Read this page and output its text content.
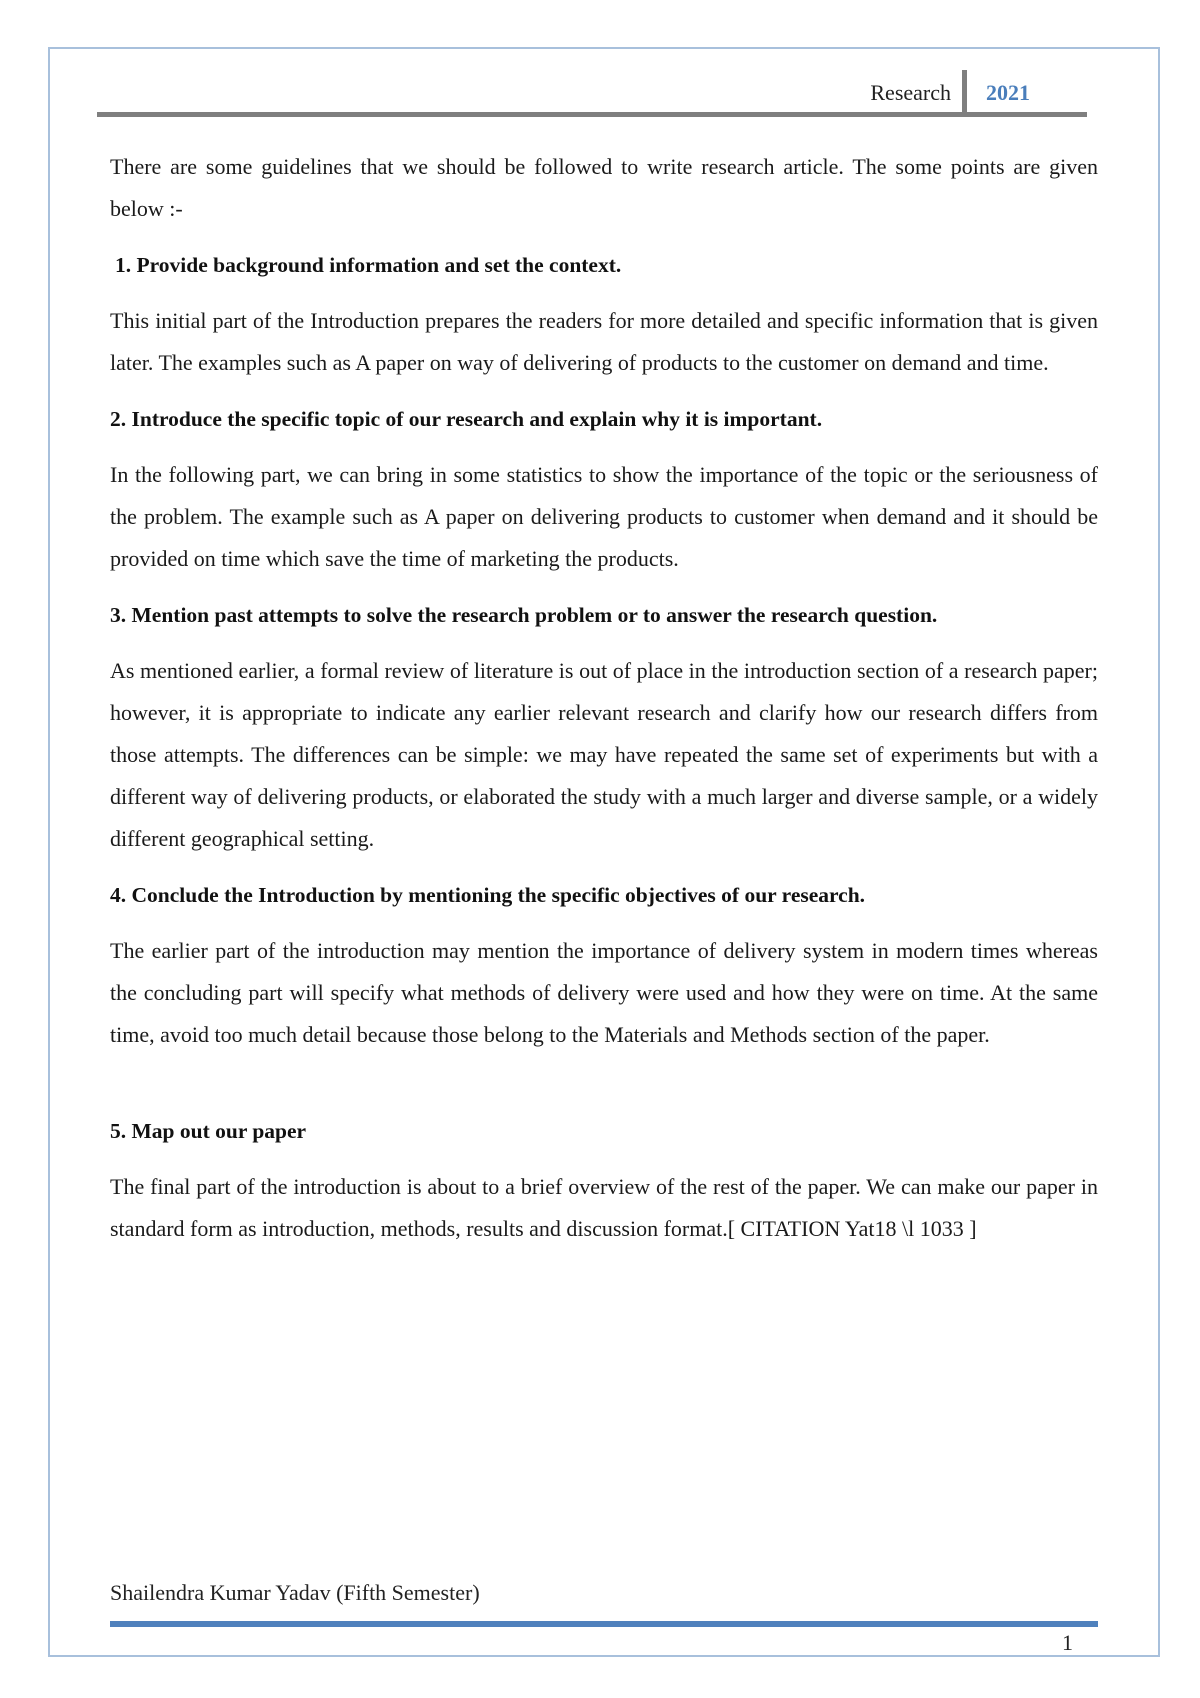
Research 2021

There are some guidelines that we should be followed to write research article. The some points are given below :-

1. Provide background information and set the context.

This initial part of the Introduction prepares the readers for more detailed and specific information that is given later. The examples such as A paper on way of delivering of products to the customer on demand and time.

2. Introduce the specific topic of our research and explain why it is important.

In the following part, we can bring in some statistics to show the importance of the topic or the seriousness of the problem. The example such as A paper on delivering products to customer when demand and it should be provided on time which save the time of marketing the products.

3. Mention past attempts to solve the research problem or to answer the research question.

As mentioned earlier, a formal review of literature is out of place in the introduction section of a research paper; however, it is appropriate to indicate any earlier relevant research and clarify how our research differs from those attempts. The differences can be simple: we may have repeated the same set of experiments but with a different way of delivering products, or elaborated the study with a much larger and diverse sample, or a widely different geographical setting.

4. Conclude the Introduction by mentioning the specific objectives of our research.

The earlier part of the introduction may mention the importance of delivery system in modern times whereas the concluding part will specify what methods of delivery were used and how they were on time. At the same time, avoid too much detail because those belong to the Materials and Methods section of the paper.

5. Map out our paper

The final part of the introduction is about to a brief overview of the rest of the paper. We can make our paper in standard form as introduction, methods, results and discussion format.[ CITATION Yat18 \l 1033 ]

Shailendra Kumar Yadav (Fifth Semester)
1
